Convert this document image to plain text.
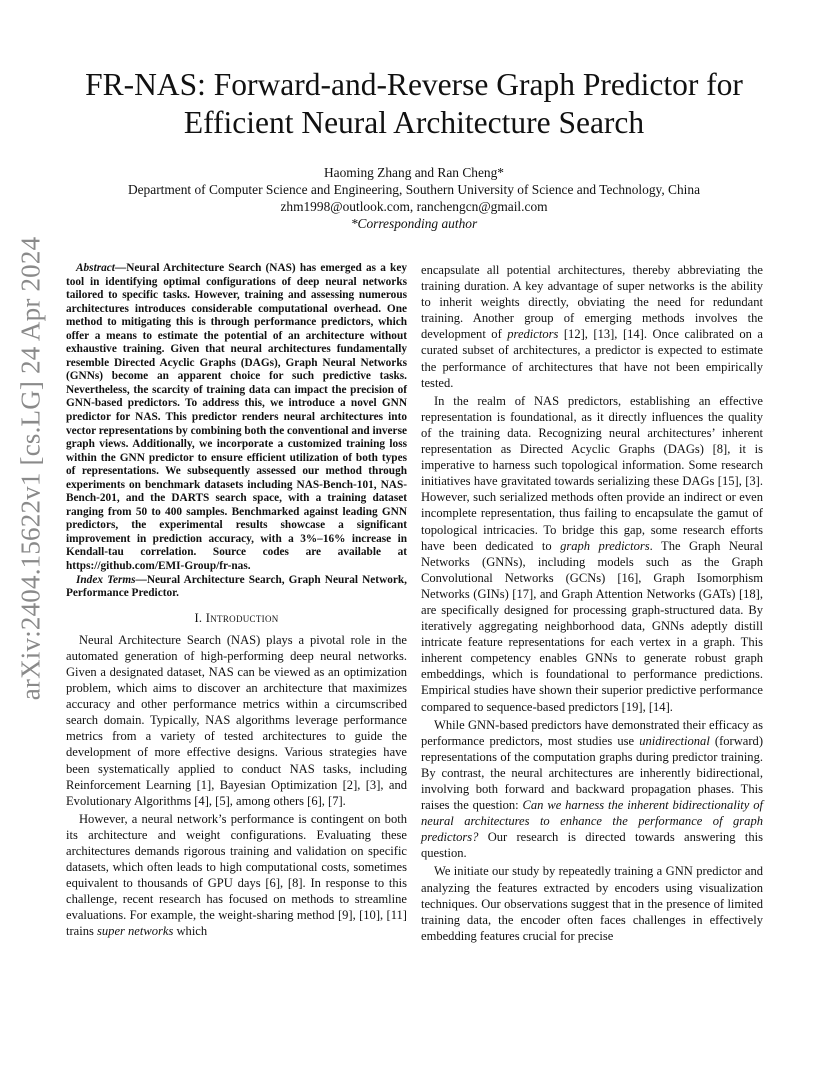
arXiv:2404.15622v1 [cs.LG] 24 Apr 2024
FR-NAS: Forward-and-Reverse Graph Predictor for
Efficient Neural Architecture Search
Haoming Zhang and Ran Cheng*
Department of Computer Science and Engineering, Southern University of Science and Technology, China
zhm1998@outlook.com, ranchengcn@gmail.com
*Corresponding author

Abstract—Neural Architecture Search (NAS) has emerged as a key tool in identifying optimal configurations of deep neural networks tailored to specific tasks. However, training and assessing numerous architectures introduces considerable computational overhead. One method to mitigating this is through performance predictors, which offer a means to estimate the potential of an architecture without exhaustive training. Given that neural architectures fundamentally resemble Directed Acyclic Graphs (DAGs), Graph Neural Networks (GNNs) become an apparent choice for such predictive tasks. Nevertheless, the scarcity of training data can impact the precision of GNN-based predictors. To address this, we introduce a novel GNN predictor for NAS. This predictor renders neural architectures into vector representations by combining both the conventional and inverse graph views. Additionally, we incorporate a customized training loss within the GNN predictor to ensure efficient utilization of both types of representations. We subsequently assessed our method through experiments on benchmark datasets including NAS-Bench-101, NAS-Bench-201, and the DARTS search space, with a training dataset ranging from 50 to 400 samples. Benchmarked against leading GNN predictors, the experimental results showcase a significant improvement in prediction accuracy, with a 3%–16% increase in Kendall-tau correlation. Source codes are available at https://github.com/EMI-Group/fr-nas.

Index Terms—Neural Architecture Search, Graph Neural Network, Performance Predictor.

I. Introduction

Neural Architecture Search (NAS) plays a pivotal role in the automated generation of high-performing deep neural networks. Given a designated dataset, NAS can be viewed as an optimization problem, which aims to discover an architecture that maximizes accuracy and other performance metrics within a circumscribed search domain. Typically, NAS algorithms leverage performance metrics from a variety of tested architectures to guide the development of more effective designs. Various strategies have been systematically applied to conduct NAS tasks, including Reinforcement Learning [1], Bayesian Optimization [2], [3], and Evolutionary Algorithms [4], [5], among others [6], [7].

However, a neural network’s performance is contingent on both its architecture and weight configurations. Evaluating these architectures demands rigorous training and validation on specific datasets, which often leads to high computational costs, sometimes equivalent to thousands of GPU days [6], [8]. In response to this challenge, recent research has focused on methods to streamline evaluations. For example, the weight-sharing method [9], [10], [11] trains super networks which

encapsulate all potential architectures, thereby abbreviating the training duration. A key advantage of super networks is the ability to inherit weights directly, obviating the need for redundant training. Another group of emerging methods involves the development of predictors [12], [13], [14]. Once calibrated on a curated subset of architectures, a predictor is expected to estimate the performance of architectures that have not been empirically tested.

In the realm of NAS predictors, establishing an effective representation is foundational, as it directly influences the quality of the training data. Recognizing neural architectures’ inherent representation as Directed Acyclic Graphs (DAGs) [8], it is imperative to harness such topological information. Some research initiatives have gravitated towards serializing these DAGs [15], [3]. However, such serialized methods often provide an indirect or even incomplete representation, thus failing to encapsulate the gamut of topological intricacies. To bridge this gap, some research efforts have been dedicated to graph predictors. The Graph Neural Networks (GNNs), including models such as the Graph Convolutional Networks (GCNs) [16], Graph Isomorphism Networks (GINs) [17], and Graph Attention Networks (GATs) [18], are specifically designed for processing graph-structured data. By iteratively aggregating neighborhood data, GNNs adeptly distill intricate feature representations for each vertex in a graph. This inherent competency enables GNNs to generate robust graph embeddings, which is foundational to performance predictions. Empirical studies have shown their superior predictive performance compared to sequence-based predictors [19], [14].

While GNN-based predictors have demonstrated their efficacy as performance predictors, most studies use unidirectional (forward) representations of the computation graphs during predictor training. By contrast, the neural architectures are inherently bidirectional, involving both forward and backward propagation phases. This raises the question: Can we harness the inherent bidirectionality of neural architectures to enhance the performance of graph predictors? Our research is directed towards answering this question.

We initiate our study by repeatedly training a GNN predictor and analyzing the features extracted by encoders using visualization techniques. Our observations suggest that in the presence of limited training data, the encoder often faces challenges in effectively embedding features crucial for precise
